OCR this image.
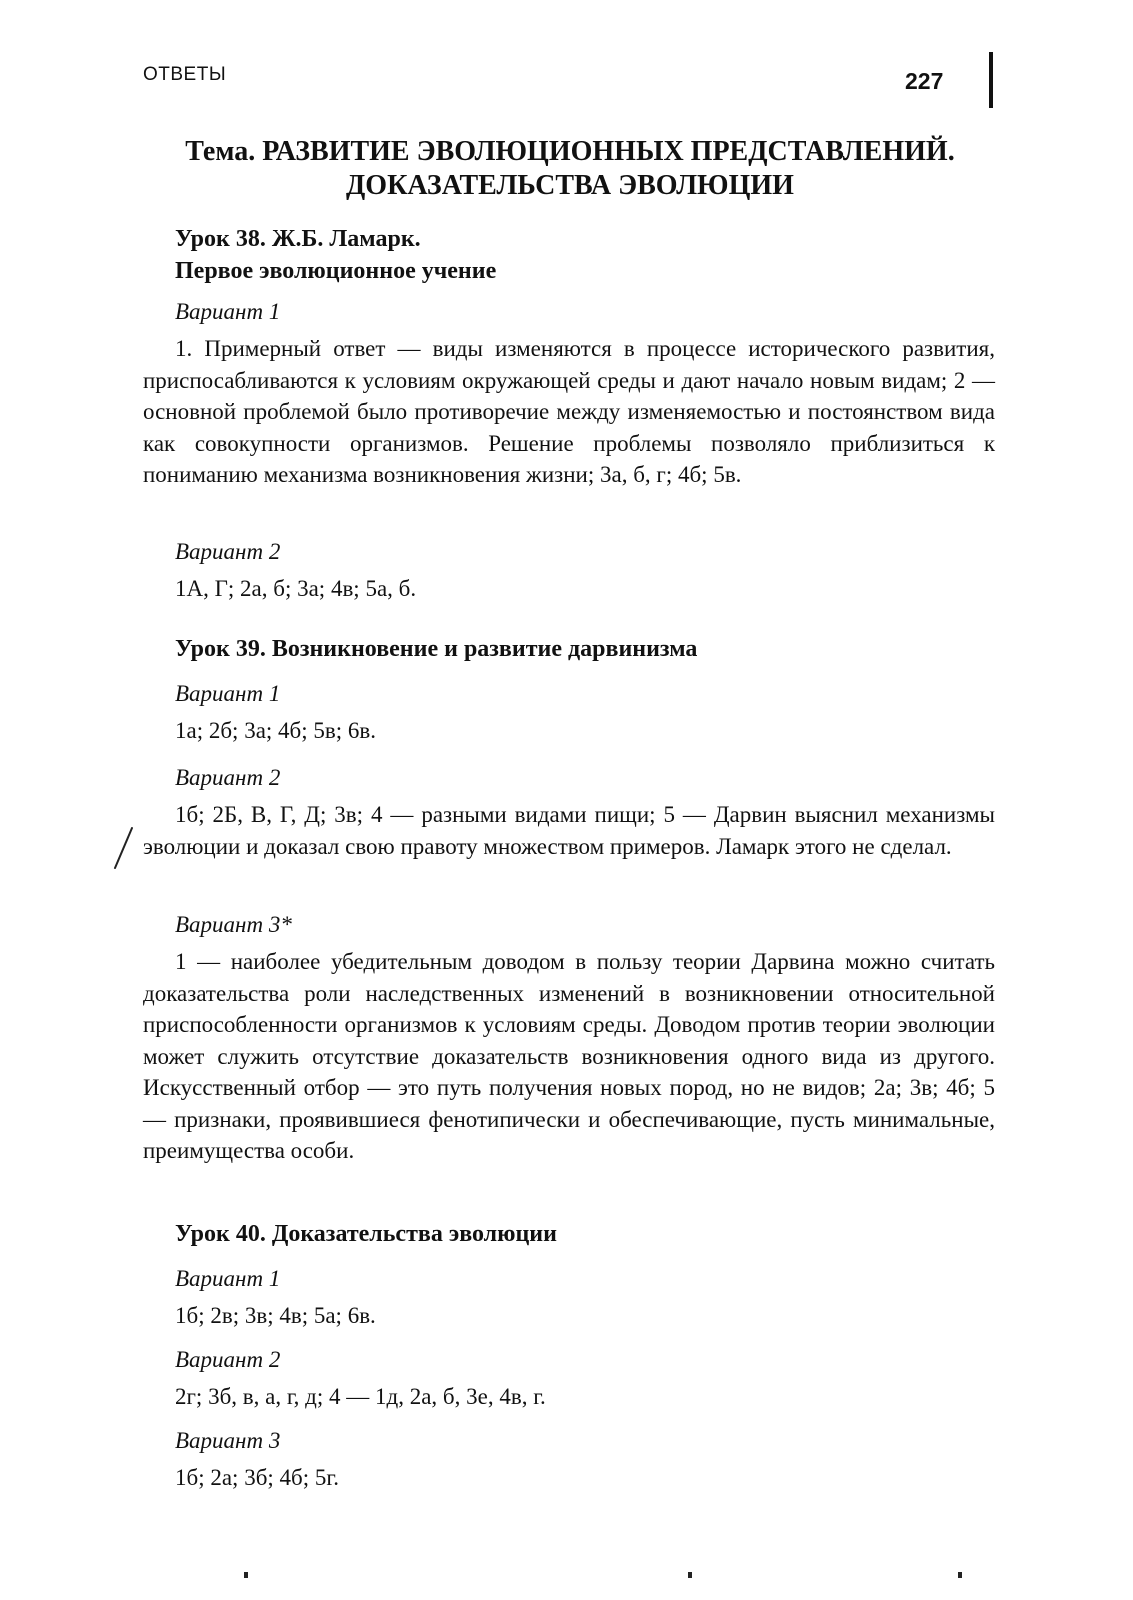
ОТВЕТЫ	227
Тема. РАЗВИТИЕ ЭВОЛЮЦИОННЫХ ПРЕДСТАВЛЕНИЙ.
ДОКАЗАТЕЛЬСТВА ЭВОЛЮЦИИ
Урок 38. Ж.Б. Ламарк.
Первое эволюционное учение
Вариант 1
1. Примерный ответ — виды изменяются в процессе исторического развития, приспосабливаются к условиям окружающей среды и дают начало новым видам; 2 — основной проблемой было противоречие между изменяемостью и постоянством вида как совокупности организмов. Решение проблемы позволяло приблизиться к пониманию механизма возникновения жизни; 3а, б, г; 4б; 5в.
Вариант 2
1А, Г; 2а, б; 3а; 4в; 5а, б.
Урок 39. Возникновение и развитие дарвинизма
Вариант 1
1а; 2б; 3а; 4б; 5в; 6в.
Вариант 2
1б; 2Б, В, Г, Д; 3в; 4 — разными видами пищи; 5 — Дарвин выяснил механизмы эволюции и доказал свою правоту множеством примеров. Ламарк этого не сделал.
Вариант 3*
1 — наиболее убедительным доводом в пользу теории Дарвина можно считать доказательства роли наследственных изменений в возникновении относительной приспособленности организмов к условиям среды. Доводом против теории эволюции может служить отсутствие доказательств возникновения одного вида из другого. Искусственный отбор — это путь получения новых пород, но не видов; 2а; 3в; 4б; 5 — признаки, проявившиеся фенотипически и обеспечивающие, пусть минимальные, преимущества особи.
Урок 40. Доказательства эволюции
Вариант 1
1б; 2в; 3в; 4в; 5а; 6в.
Вариант 2
2г; 3б, в, а, г, д; 4 — 1д, 2а, б, 3е, 4в, г.
Вариант 3
1б; 2а; 3б; 4б; 5г.
